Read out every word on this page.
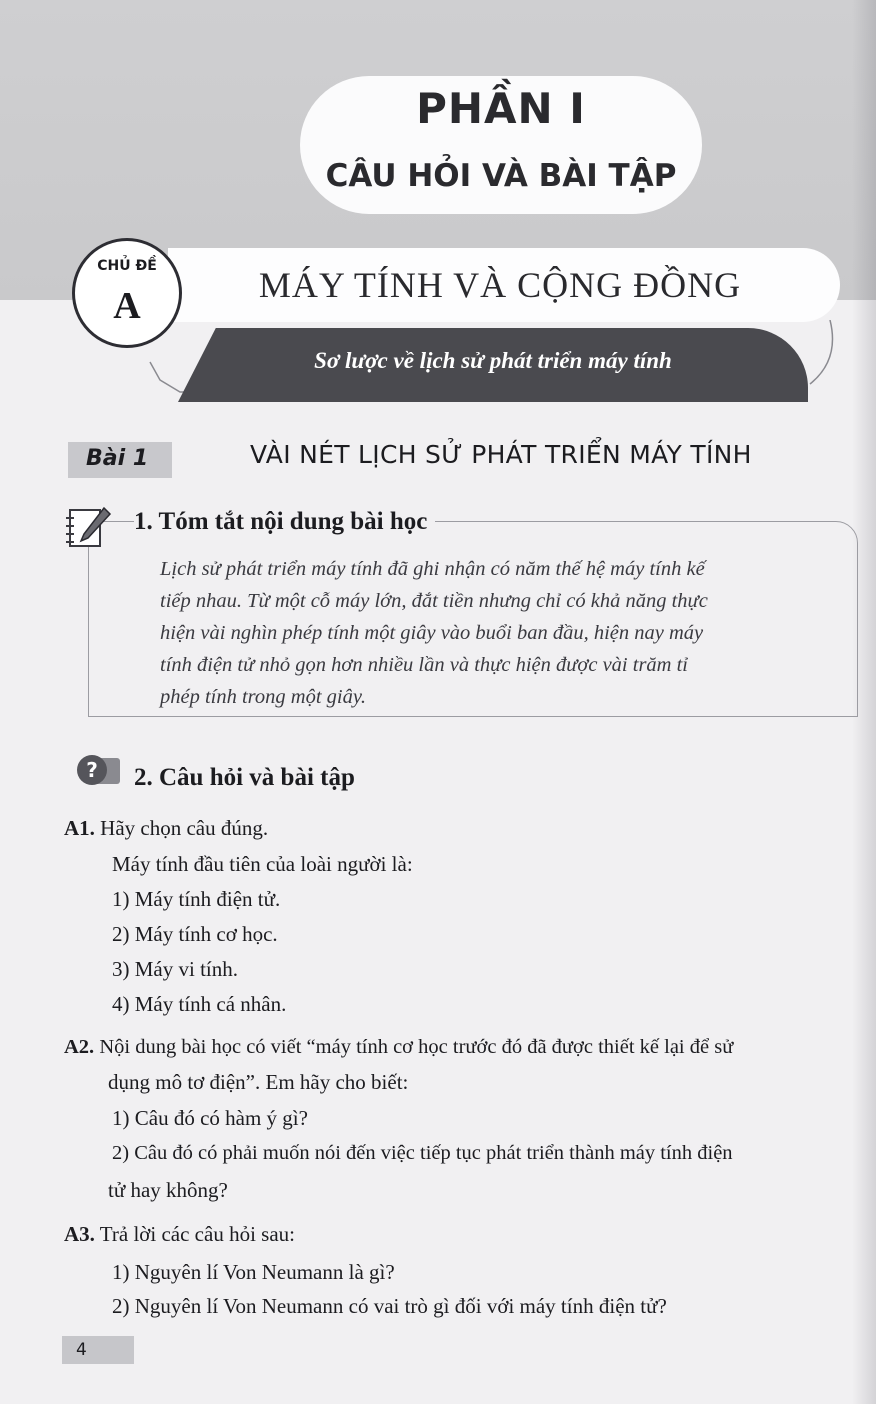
PHẦN I
CÂU HỎI VÀ BÀI TẬP
Sơ lược về lịch sử phát triển máy tính
CHỦ ĐỀ
A	MÁY TÍNH VÀ CỘNG ĐỒNG
Bài 1	VÀI NÉT LỊCH SỬ PHÁT TRIỂN MÁY TÍNH
1. Tóm tắt nội dung bài học
Lịch sử phát triển máy tính đã ghi nhận có năm thế hệ máy tính kế
tiếp nhau. Từ một cỗ máy lớn, đắt tiền nhưng chỉ có khả năng thực
hiện vài nghìn phép tính một giây vào buổi ban đầu, hiện nay máy
tính điện tử nhỏ gọn hơn nhiều lần và thực hiện được vài trăm tỉ
phép tính trong một giây.
? 2. Câu hỏi và bài tập
A1. Hãy chọn câu đúng.
Máy tính đầu tiên của loài người là:
1) Máy tính điện tử.
2) Máy tính cơ học.
3) Máy vi tính.
4) Máy tính cá nhân.
A2. Nội dung bài học có viết “máy tính cơ học trước đó đã được thiết kế lại để sử
dụng mô tơ điện”. Em hãy cho biết:
1) Câu đó có hàm ý gì?
2) Câu đó có phải muốn nói đến việc tiếp tục phát triển thành máy tính điện
tử hay không?
A3. Trả lời các câu hỏi sau:
1) Nguyên lí Von Neumann là gì?
2) Nguyên lí Von Neumann có vai trò gì đối với máy tính điện tử?
4
